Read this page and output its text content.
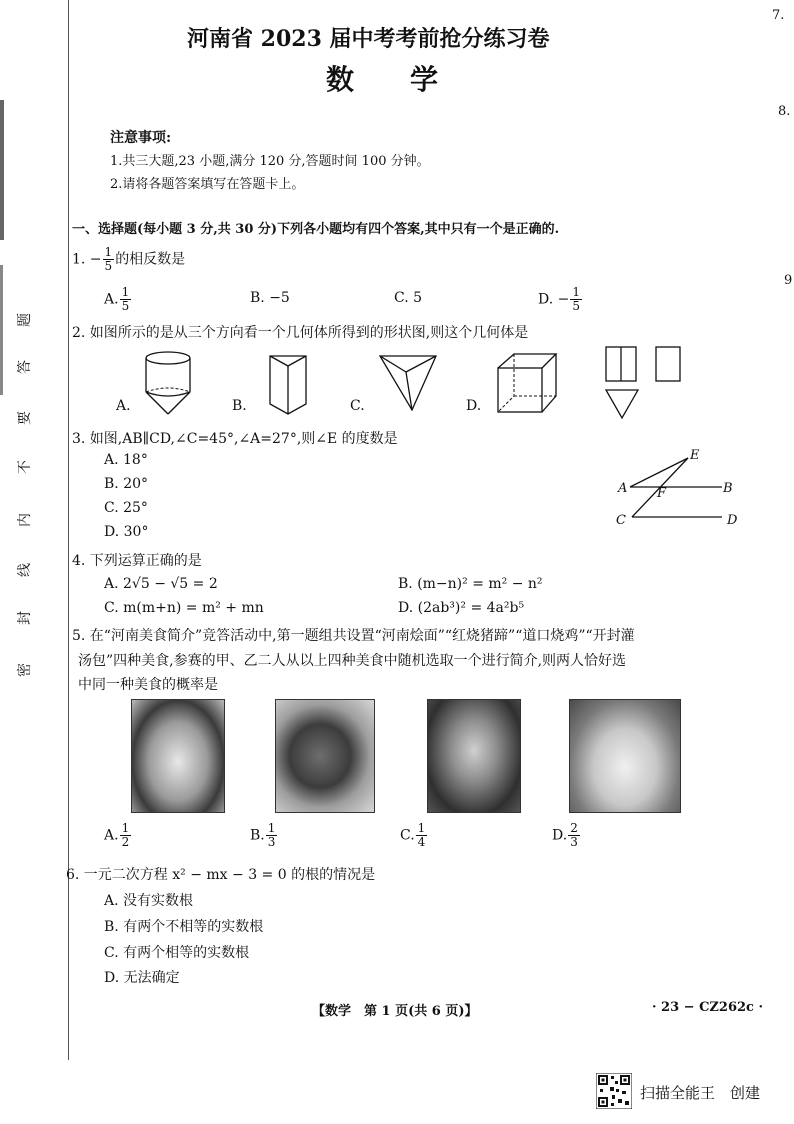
密
封
线
内
不
要
答
题
7.
8.
9
河南省 2023 届中考考前抢分练习卷
数　　学
注意事项:
1.共三大题,23 小题,满分 120 分,答题时间 100 分钟。
2.请将各题答案填写在答题卡上。
一、选择题(每小题 3 分,共 30 分)下列各小题均有四个答案,其中只有一个是正确的.
1. − $\frac{1}{5}$ 的相反数是
A. $\frac{1}{5}$	B. −5	C. 5	D. − $\frac{1}{5}$
2. 如图所示的是从三个方向看一个几何体所得到的形状图,则这个几何体是
A.	B.	C.	D.
3. 如图,AB∥CD,∠C=45°,∠A=27°,则∠E 的度数是
A. 18°
B. 20°
C. 25°
D. 30°
E
A F	B
C	D
4. 下列运算正确的是
A. 2√5 − √5 = 2	B. (m−n)² = m² − n²
C. m(m+n) = m² + mn	D. (2ab³)² = 4a²b⁵
5. 在“河南美食简介”竞答活动中,第一题组共设置“河南烩面”“红烧猪蹄”“道口烧鸡”“开封灌
汤包”四种美食,参赛的甲、乙二人从以上四种美食中随机选取一个进行简介,则两人恰好选
中同一种美食的概率是
A. $\frac{1}{2}$	B. $\frac{1}{3}$	C. $\frac{1}{4}$	D. $\frac{2}{3}$
6. 一元二次方程 x² − mx − 3 = 0 的根的情况是
A. 没有实数根
B. 有两个不相等的实数根
C. 有两个相等的实数根
D. 无法确定
【数学　第 1 页(共 6 页)】	· 23 − CZ262c ·
扫描全能王　创建
